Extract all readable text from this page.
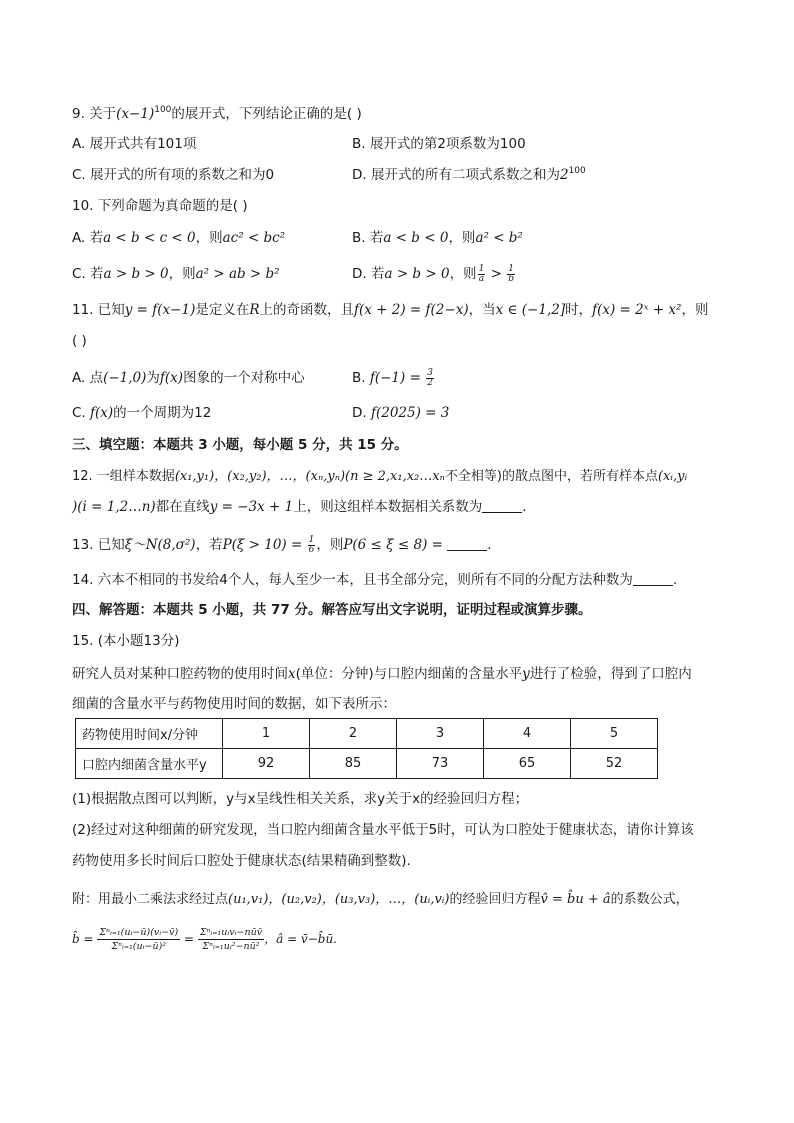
9. 关于$(x-1)^{100}$的展开式，下列结论正确的是( )
A. 展开式共有101项	B. 展开式的第2项系数为100
C. 展开式的所有项的系数之和为0	D. 展开式的所有二项式系数之和为$2^{100}$
10. 下列命题为真命题的是( )
A. 若a < b < c < 0，则ac² < bc²	B. 若a < b < 0，则a² < b²
C. 若a > b > 0，则a² > ab > b²	D. 若a > b > 0，则 $\frac{1}{a} > \frac{1}{b}$
11. 已知y = f(x−1)是定义在R上的奇函数，且f(x + 2) = f(2−x)，当x ∈ (−1,2]时，f(x) = 2ˣ + x²，则
( )
A. 点(−1,0)为f(x)图象的一个对称中心	B. $f(-1) = \frac{3}{2}$
C. f(x)的一个周期为12	D. f(2025) = 3
三、填空题：本题共 3 小题，每小题 5 分，共 15 分。
12. 一组样本数据(x₁,y₁)，(x₂,y₂)，…，(xₙ,yₙ)(n ≥ 2,x₁,x₂…xₙ不全相等)的散点图中，若所有样本点(xᵢ,yᵢ
)(i = 1,2…n)都在直线y = −3x + 1上，则这组样本数据相关系数为	.
13. 已知ξ～N(8,σ²)，若$P(\xi > 10) = \frac{1}{6}$ ，则P(6 ≤ ξ ≤ 8) =	.
14. 六本不相同的书发给4个人，每人至少一本，且书全部分完，则所有不同的分配方法种数为	.
四、解答题：本题共 5 小题，共 77 分。解答应写出文字说明，证明过程或演算步骤。
15. (本小题13分)
研究人员对某种口腔药物的使用时间x(单位：分钟)与口腔内细菌的含量水平y进行了检验，得到了口腔内
细菌的含量水平与药物使用时间的数据，如下表所示：
药物使用时间x/分钟	1	2	3	4	5
口腔内细菌含量水平y	92	85	73	65	52
(1)根据散点图可以判断，y与x呈线性相关关系，求y关于x的经验回归方程；
(2)经过对这种细菌的研究发现，当口腔内细菌含量水平低于5时，可认为口腔处于健康状态，请你计算该
药物使用多长时间后口腔处于健康状态(结果精确到整数).
附：用最小二乘法求经过点(u₁,v₁)，(u₂,v₂)，(u₃,v₃)，…，(uᵢ,vᵢ)的经验回归方程v̂ = b̂u + â的系数公式，
b̂ = Σⁿᵢ₌₁(uᵢ−ū)(vᵢ−v̄)
Σⁿᵢ₌₁(uᵢ−ū)²
= Σⁿᵢ₌₁uᵢvᵢ−nūv̄
Σⁿᵢ₌₁uᵢ²−nū²
，â = v̄−b̂ū.
